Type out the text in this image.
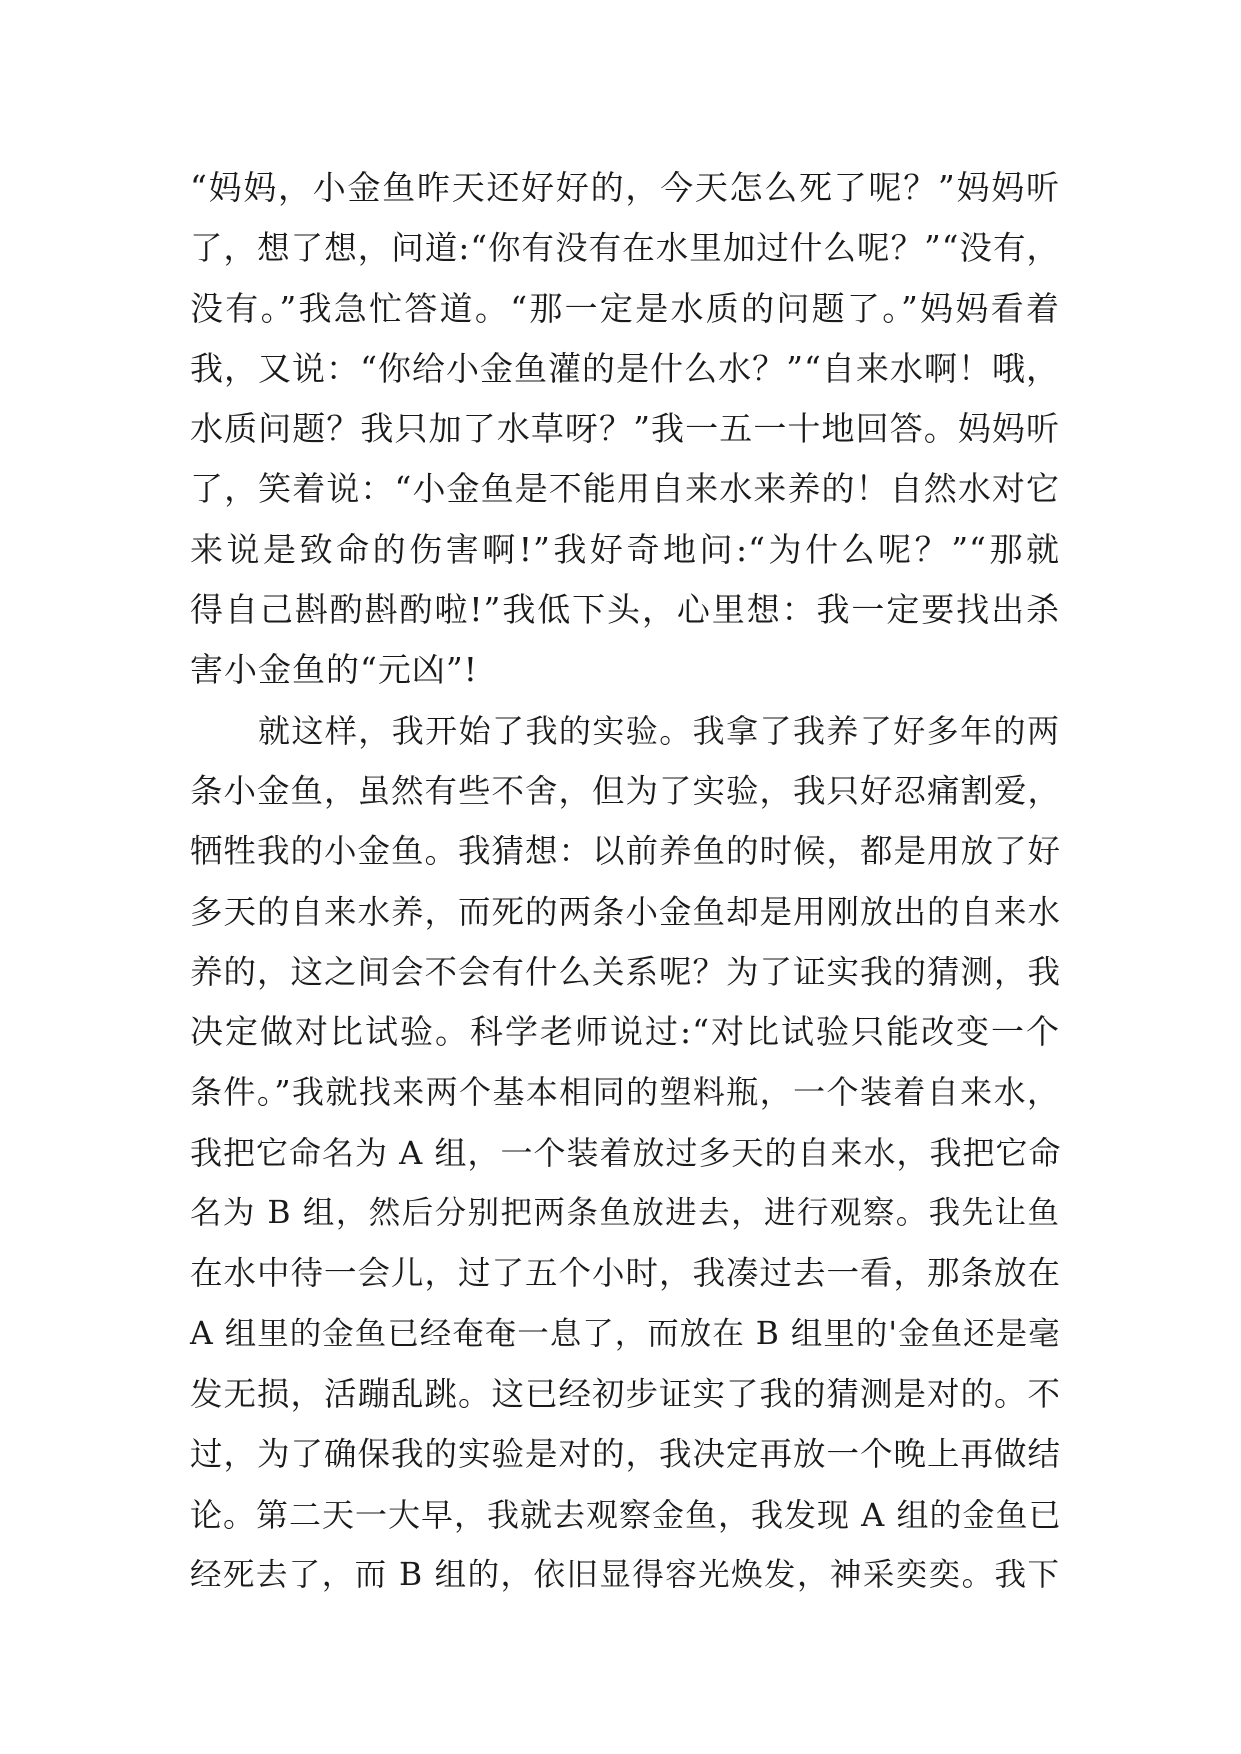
“妈妈，小金鱼昨天还好好的，今天怎么死了呢？”妈妈听
了，想了想，问道:“你有没有在水里加过什么呢？”“没有，
没有。”我急忙答道。“那一定是水质的问题了。”妈妈看着
我，又说：“你给小金鱼灌的是什么水？”“自来水啊！哦，
水质问题？我只加了水草呀？”我一五一十地回答。妈妈听
了，笑着说：“小金鱼是不能用自来水来养的！自然水对它
来说是致命的伤害啊!”我好奇地问:“为什么呢？”“那就
得自己斟酌斟酌啦!”我低下头，心里想：我一定要找出杀
害小金鱼的“元凶”!
就这样，我开始了我的实验。我拿了我养了好多年的两
条小金鱼，虽然有些不舍，但为了实验，我只好忍痛割爱，
牺牲我的小金鱼。我猜想：以前养鱼的时候，都是用放了好
多天的自来水养，而死的两条小金鱼却是用刚放出的自来水
养的，这之间会不会有什么关系呢？为了证实我的猜测，我
决定做对比试验。科学老师说过:“对比试验只能改变一个
条件。”我就找来两个基本相同的塑料瓶，一个装着自来水，
我把它命名为 A 组，一个装着放过多天的自来水，我把它命
名为 B 组，然后分别把两条鱼放进去，进行观察。我先让鱼
在水中待一会儿，过了五个小时，我凑过去一看，那条放在
A 组里的金鱼已经奄奄一息了，而放在 B 组里的'金鱼还是毫
发无损，活蹦乱跳。这已经初步证实了我的猜测是对的。不
过，为了确保我的实验是对的，我决定再放一个晚上再做结
论。第二天一大早，我就去观察金鱼，我发现 A 组的金鱼已
经死去了，而 B 组的，依旧显得容光焕发，神采奕奕。我下
